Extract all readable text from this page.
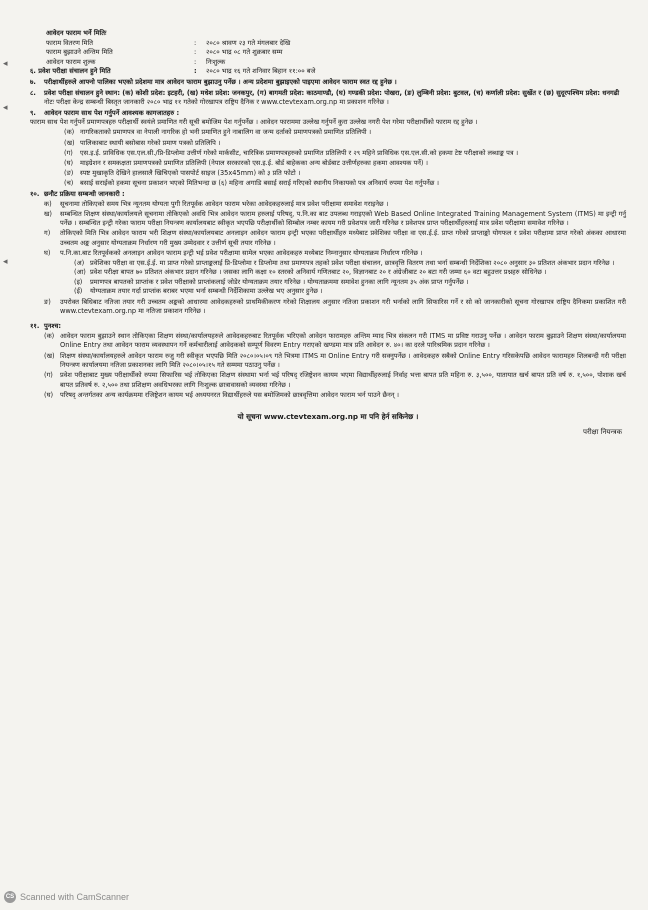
◂
◂
◂
आवेदन फाराम भर्ने मितिः
फाराम वितरण मिति	:	२०८० श्रावण २३ गते मंगलबार देखि
फाराम बुझाउने अन्तिम मिति	:	२०८० भाद्र ०८ गते शुक्रबार सम्म
आवेदन फाराम शुल्क	:	निःशुल्क
६. प्रवेश परीक्षा संचालन हुने मिति	:	२०८० भाद्र १६ गते शनिवार बिहान ११:०० बजे
७. परीक्षार्थीहरुले आफ्नो पालिका भएको प्रदेशमा मात्र आवेदन फाराम बुझाउनु पर्नेछ । अन्य प्रदेशमा बुझाइएको पाइएमा आवेदन फाराम स्वत रद्द हुनेछ ।
८. प्रवेश परीक्षा संचालन हुने स्थान: (क) कोशी प्रदेश: इटहरी, (ख) मधेश प्रदेश: जनकपुर, (ग) बागमती प्रदेश: काठमाण्डौ, (घ) गण्डकी प्रदेश: पोखरा, (ङ) लुम्बिनी प्रदेश: बुटवल, (च) कर्णाली प्रदेश: सुर्खेत र (छ) सुदूरपश्चिम प्रदेश: धनगढी
नोटः परीक्षा केन्द्र सम्बन्धी बिस्तृत जानकारी २०८० भाद्र ११ गतेको गोरखापत्र राष्ट्रिय दैनिक र www.ctevtexam.org.np मा प्रकाशन गरिनेछ ।
९. आवेदन फाराम साथ पेश गर्नुपर्ने आवश्यक कागजातहरु :
फाराम साथ पेश गर्नुपर्ने प्रमाणपत्रहरु परीक्षार्थी स्वयंले प्रमाणित गरी सूची बमोजिम पेश गर्नुपर्नेछ । आवेदन फाराममा उल्लेख गर्नुपर्ने कुरा उल्लेख नगरी पेश गरेमा परीक्षार्थीको फाराम रद्द हुनेछ ।
(क) नागरिकताको प्रमाणपत्र वा नेपाली नागरिक हो भनी प्रमाणित हुने नाबालिग वा जन्म दर्ताको प्रमाणपत्रको प्रमाणित प्रतिलिपी ।
(ख) पालिकाबाट स्थायी बसोबास गरेको प्रमाण पत्रको प्रतिलिपि ।
(ग)	एस.इ.ई. प्राविधिक एस.एल.सी./प्रि-डिप्लोमा उत्तीर्ण गरेको मार्कसीट, चारित्रिक प्रमाणपत्रहरुको प्रमाणित प्रतिलिपी र २९ महिने प्राविधिक एस.एल.सी.को हकमा टेष्ट परीक्षाको लब्धाङ्क पत्र ।
(घ)	माइग्रेशन र समकक्षता प्रमाणपत्रको प्रमाणित प्रतिलिपी (नेपाल सरकारको एस.इ.ई. बोर्ड बाहेकका अन्य बोर्डबाट उत्तीर्णहरुका हकमा आवश्यक पर्ने) ।
(ङ)	स्पष्ट मुखाकृति देखिने हालसालै खिचिएको पासपोर्ट साइज (35x45mm) को ३ प्रति फोटो ।
(च)	बसाई सराईको हकमा सूचना प्रकाशन भएको मितिभन्दा छ (६) महिना अगाडि बसाई सराई गरिएको स्थानीय निकायको पत्र अनिवार्य रुपमा पेश गर्नुपर्नेछ ।
१०. छनौट प्रक्रिया सम्बन्धी जानकारी :
क)	सूचनामा तोकिएको समय भित्र न्यूनतम योग्यता पुगी रितपूर्वक आवेदन फाराम भरेका आवेदकहरुलाई मात्र प्रवेश परीक्षामा समावेश गराइनेछ ।
ख)	सम्बन्धित शिक्षण संस्था/कार्यालयले सूचनामा तोकिएको अवधि भित्र आवेदन फाराम हरुलाई परिषद्, प.नि.का बाट उपलब्ध गराइएको Web Based Online Integrated Training Management System (ITMS) मा इन्ट्री गर्नु पर्नेछ । सम्बन्धित इन्ट्री गरेका फाराम परीक्षा नियन्त्रण कार्यालयबाट स्वीकृत भएपछि परीक्षार्थीको सिम्बोल नम्बर कायम गरी प्रवेशपत्र जारी गरिनेछ र प्रवेशपत्र प्राप्त परीक्षार्थीहरुलाई मात्र प्रवेश परीक्षामा समावेश गरिनेछ ।
ग)	तोकिएको मिति भित्र आवेदन फाराम भरी शिक्षण संस्था/कार्यालयबाट अनलाइन आवेदन फाराम इन्ट्री भएका परीक्षार्थीहरु मध्येबाट प्रवेशिका परीक्षा वा एस.ई.ई. प्राप्त गरेको प्राप्ताङ्को योगफल र प्रवेश परीक्षामा प्राप्त गरेको अंकका आधारमा उच्चतम अङ्क अनुसार योग्यताक्रम निर्धारण गरी मुख्य उम्मेदवार र उत्तीर्ण सूची तयार गरिनेछ ।
घ)	प.नि.का.बाट रितपूर्वकको अनलाइन आवेदन फाराम इन्ट्री भई प्रवेश परीक्षामा सामेल भएका आवेदकहरु मध्येबाट निम्नानुसार योग्यताक्रम निर्धारण गरिनेछ ।
(अ) प्रवेशिका परीक्षा वा एस.ई.ई. मा प्राप्त गरेको प्राप्ताङ्कलाई प्रि-डिप्लोमा र डिप्लोमा तथा प्रमाणपत्र तहको प्रवेश परीक्षा संचालन, छात्रवृत्ति वितरण तथा भर्ना सम्बन्धी निर्देशिका २०८० अनुसार ३० प्रतिशत अंकभार प्रदान गरिनेछ ।
(आ) प्रवेश परीक्षा बापत ७० प्रतिशत अंकभार प्रदान गरिनेछ । जसका लागि कक्षा १० स्तरको अनिवार्य गणितबाट २०, विज्ञानबाट २० र अंग्रेजीबाट २० बटा गरी जम्मा ६० वटा बहुउत्तर प्रश्नहरु सोधिनेछ ।
(इ)	प्रमाणपत्र बापतको प्राप्तांक र प्रवेश परीक्षाको प्राप्तांकलाई जोडेर योग्यताक्रम तयार गरिनेछ । योग्यताक्रममा समावेश हुनका लागि न्यूनतम ३५ अंक प्राप्त गर्नुपर्नेछ ।
(ई)	योग्यताक्रम तयार गर्दा प्राप्तांक बराबर भएमा भर्ना सम्बन्धी निर्देशिकामा उल्लेख भए अनुसार हुनेछ ।
ङ)	उपरोक्त बिधिबाट नतिजा तयार गरी उच्चतम अङ्कको आधारमा आवेदकहरुको प्राथमिकीकरण गरेको शिक्षालय अनुसार नतिजा प्रकाशन गरी भर्नाको लागि सिफारिस गर्ने र सो को जानकारीको सूचना गोरखापत्र राष्ट्रिय दैनिकमा प्रकाशित गरी www.ctevtexam.org.np मा नतिजा प्रकाशन गरिनेछ ।
११. पुनश्च:
(क) आवेदन फाराम बुझाउने स्थान तोकिएका शिक्षण संस्था/कार्यालयहरुले आवेदकहरुबाट रितपूर्वक भरिएको आवेदन फारामहरु अन्तिम म्याद भित्र संकलन गरी ITMS मा प्रविष्ट गराउनु पर्नेछ । आवेदन फाराम बुझाउने शिक्षण संस्था/कार्यालयमा Online Entry तथा आवेदन फाराम व्यवस्थापन गर्ने कर्मचारीलाई आवेदकको सम्पूर्ण विवरण Entry गराएको खण्डमा मात्र प्रति आवेदन रु. ४०। का दरले पारिश्रमिक प्रदान गरिनेछ ।
(ख) शिक्षण संस्था/कार्यालयहरुले आवेदन फाराम रुजु गरी स्वीकृत भएपछि मिति २०८०।०५।०९ गते भित्रमा ITMS मा Online Entry गरी सक्नुपर्नेछ । आवेदकहरु सबैको Online Entry गरिसकेपछि आवेदन फारामहरु शिलबन्दी गरी परीक्षा नियन्त्रण कार्यालयमा नतिजा प्रकाशनका लागि मिति २०८०।०५।१५ गते सम्ममा पठाउनु पर्नेछ ।
(ग)	प्रवेश परीक्षाबाट मुख्य परीक्षार्थीको रुपमा सिफारिस भई तोकिएका शिक्षण संस्थामा भर्ना भई परिषद् रजिष्ट्रेशन कायम भएमा विद्यार्थीहरुलाई निर्वाह भत्ता बापत प्रति महिना रु. ३,५००, यातायात खर्च बापत प्रति वर्ष रु. १,५००, पोशाक खर्च बापत प्रतिवर्ष रु. २,५०० तथा प्रशिक्षण अवधिभरका लागि निःशुल्क छात्रावासको व्यवस्था गरिनेछ ।
(घ)	परिषद् अन्तर्गतका अन्य कार्यक्रममा रजिष्ट्रेशन कायम भई अध्ययनरत विद्यार्थीहरुले यस बमोजिमको छात्रवृत्तिमा आवेदन फाराम भर्न पाउने छैनन् ।
यो सूचना www.ctevtexam.org.np मा पनि हेर्न सकिनेछ ।
परीक्षा नियन्त्रक
CS Scanned with CamScanner
